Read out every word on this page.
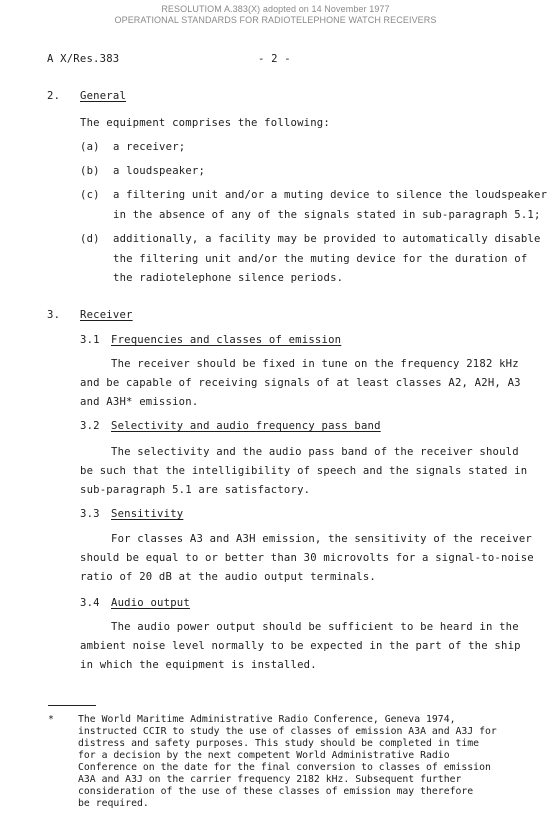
RESOLUTIOM A.383(X) adopted on 14 November 1977
OPERATIONAL STANDARDS FOR RADIOTELEPHONE WATCH RECEIVERS
A X/Res.383	- 2 -
2. General
The equipment comprises the following:
(a) a receiver;
(b) a loudspeaker;
(c) a filtering unit and/or a muting device to silence the loudspeaker
in the absence of any of the signals stated in sub-paragraph 5.1;
(d) additionally, a facility may be provided to automatically disable
the filtering unit and/or the muting device for the duration of
the radiotelephone silence periods.
3. Receiver
3.1 Frequencies and classes of emission
The receiver should be fixed in tune on the frequency 2182 kHz
and be capable of receiving signals of at least classes A2, A2H, A3
and A3H* emission.
3.2 Selectivity and audio frequency pass band
The selectivity and the audio pass band of the receiver should
be such that the intelligibility of speech and the signals stated in
sub-paragraph 5.1 are satisfactory.
3.3 Sensitivity
For classes A3 and A3H emission, the sensitivity of the receiver
should be equal to or better than 30 microvolts for a signal-to-noise
ratio of 20 dB at the audio output terminals.
3.4 Audio output
The audio power output should be sufficient to be heard in the
ambient noise level normally to be expected in the part of the ship
in which the equipment is installed.
* The World Maritime Administrative Radio Conference, Geneva 1974,
instructed CCIR to study the use of classes of emission A3A and A3J for
distress and safety purposes. This study should be completed in time
for a decision by the next competent World Administrative Radio
Conference on the date for the final conversion to classes of emission
A3A and A3J on the carrier frequency 2182 kHz. Subsequent further
consideration of the use of these classes of emission may therefore
be required.
